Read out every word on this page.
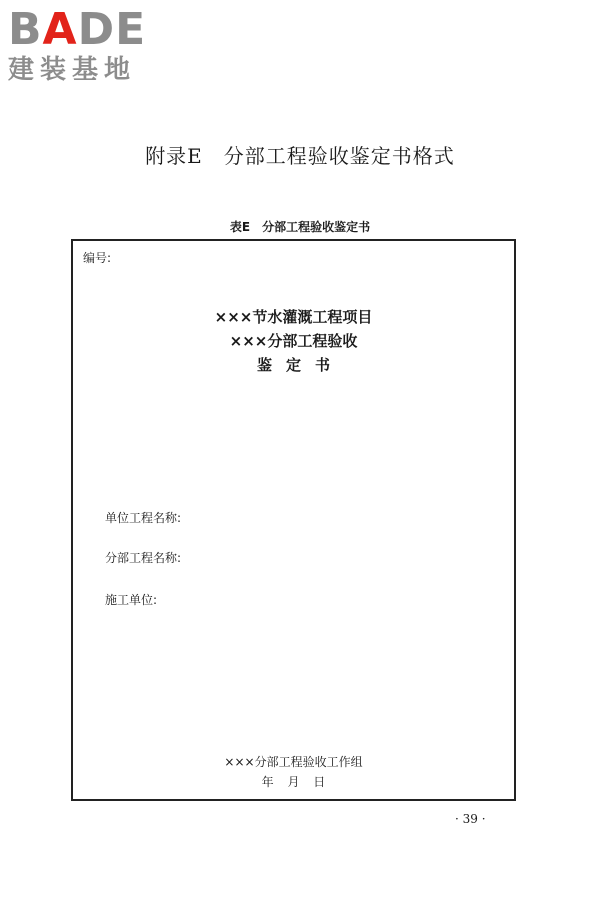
BADE
建装基地
附录E　分部工程验收鉴定书格式
表E　分部工程验收鉴定书
编号:
×××节水灌溉工程项目
×××分部工程验收
鉴定书
单位工程名称:
分部工程名称:
施工单位:
×××分部工程验收工作组
年 月 日
· 39 ·
